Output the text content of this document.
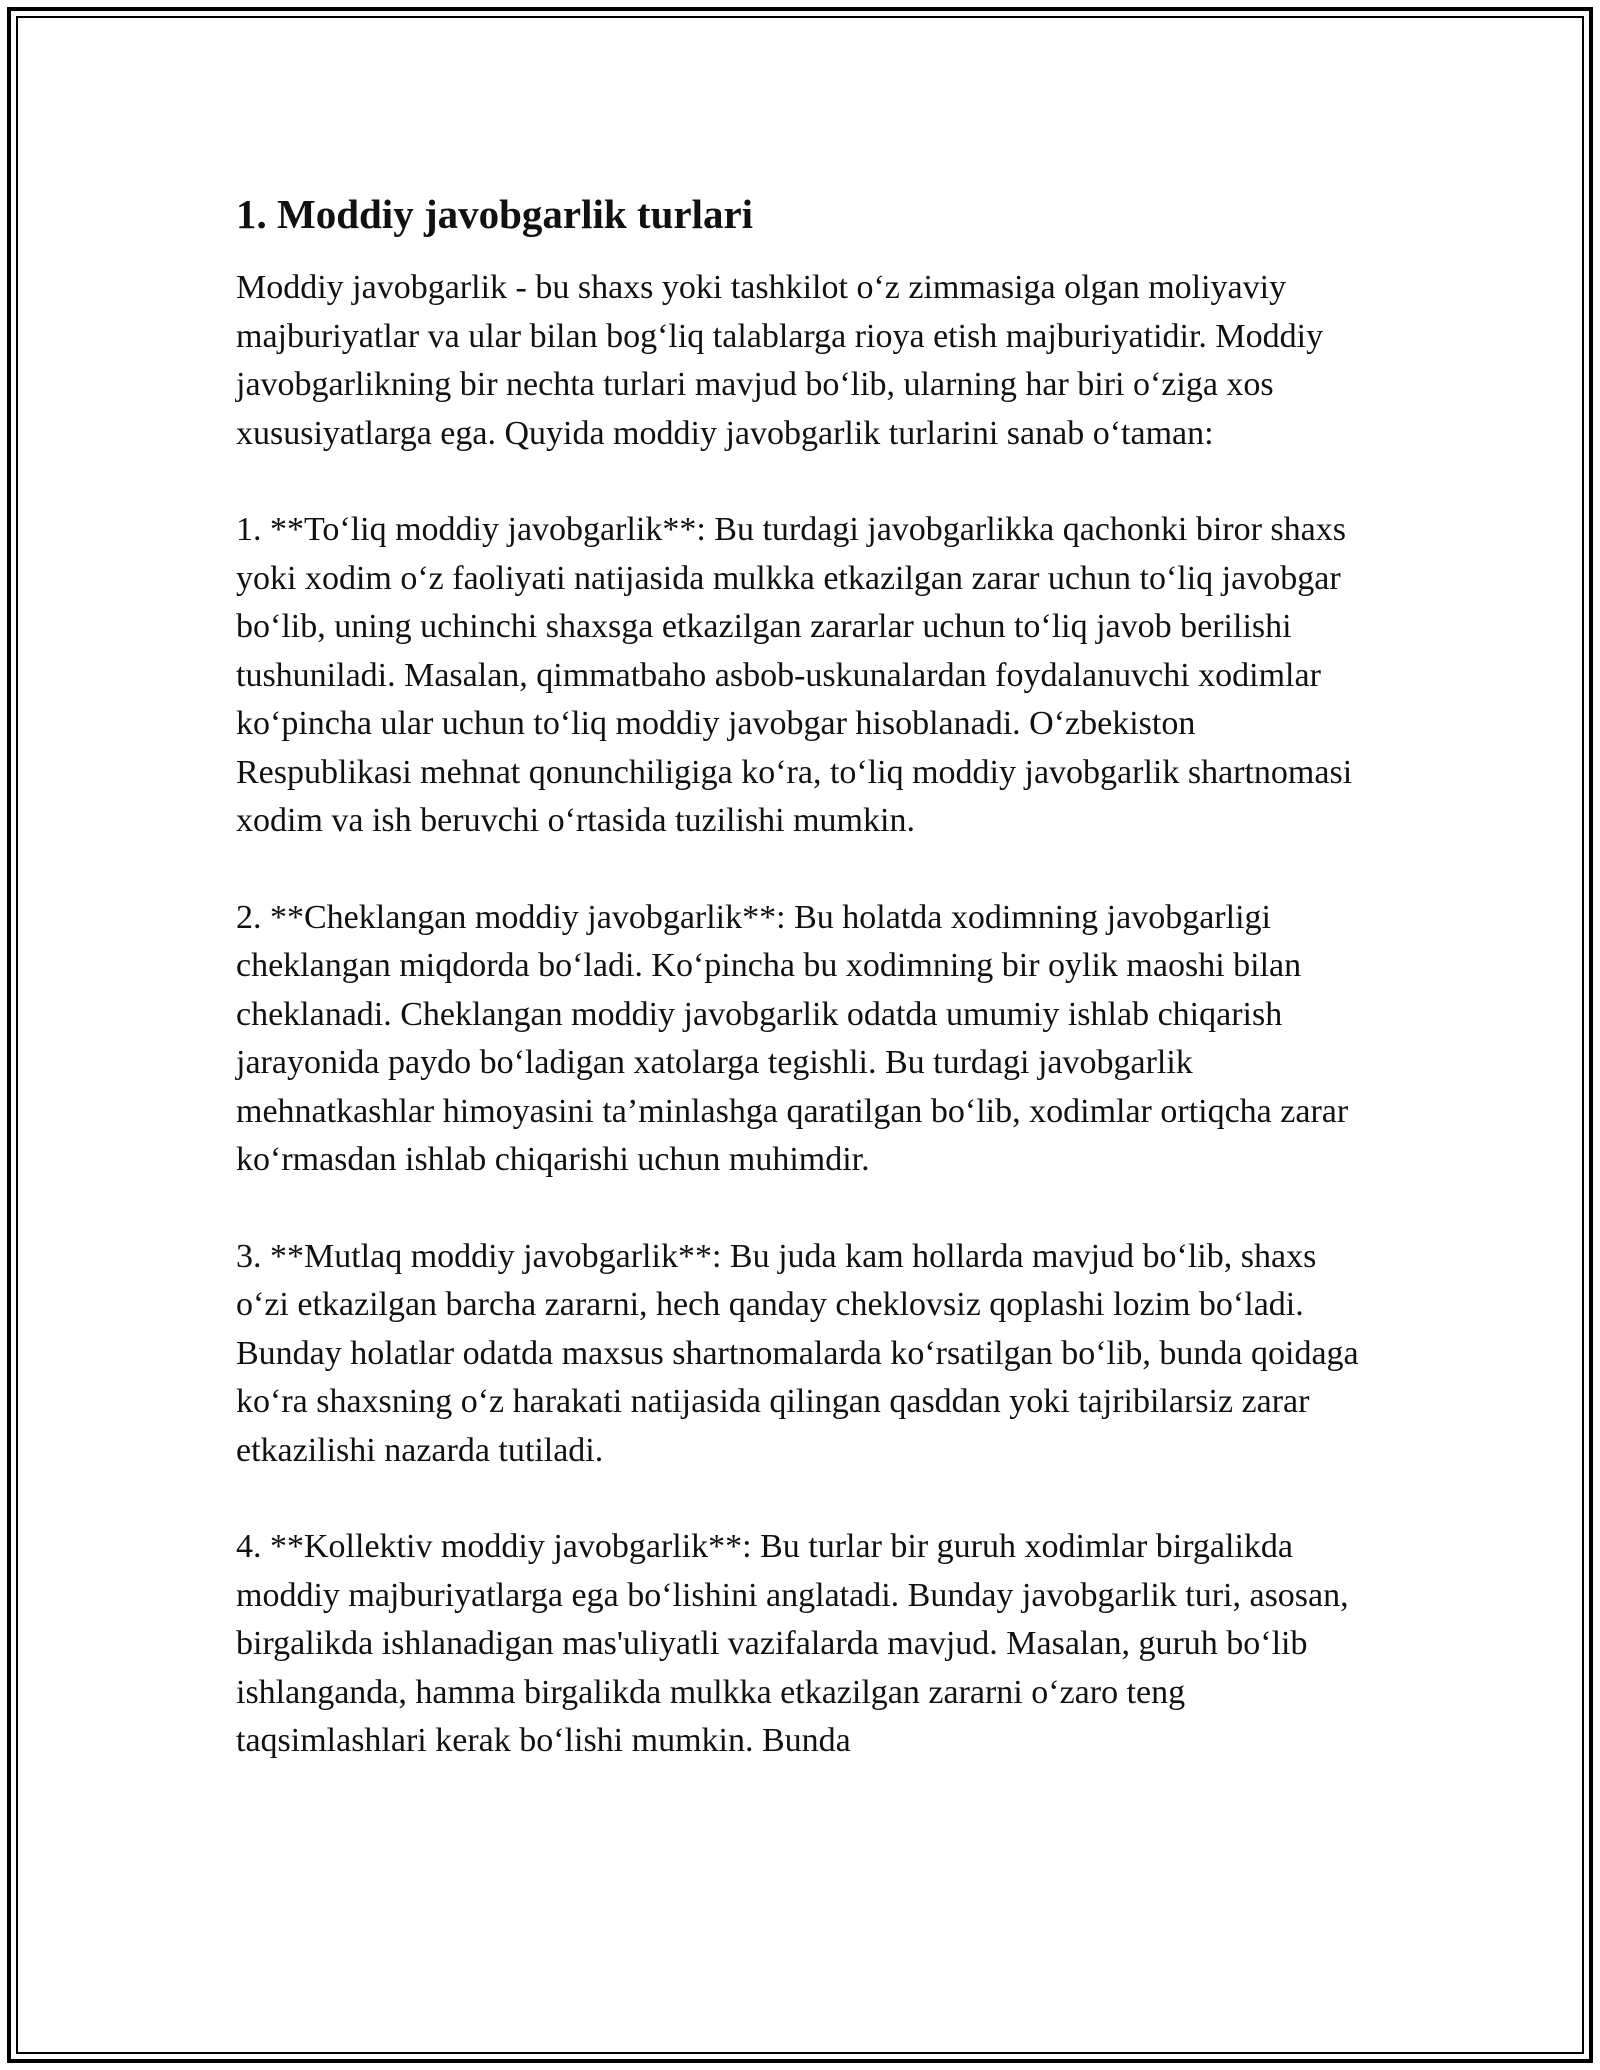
1. Moddiy javobgarlik turlari

Moddiy javobgarlik - bu shaxs yoki tashkilot o‘z zimmasiga olgan moliyaviy majburiyatlar va ular bilan bog‘liq talablarga rioya etish majburiyatidir. Moddiy javobgarlikning bir nechta turlari mavjud bo‘lib, ularning har biri o‘ziga xos xususiyatlarga ega. Quyida moddiy javobgarlik turlarini sanab o‘taman:

1. **To‘liq moddiy javobgarlik**: Bu turdagi javobgarlikka qachonki biror shaxs yoki xodim o‘z faoliyati natijasida mulkka etkazilgan zarar uchun to‘liq javobgar bo‘lib, uning uchinchi shaxsga etkazilgan zararlar uchun to‘liq javob berilishi tushuniladi. Masalan, qimmatbaho asbob-uskunalardan foydalanuvchi xodimlar ko‘pincha ular uchun to‘liq moddiy javobgar hisoblanadi. O‘zbekiston Respublikasi mehnat qonunchiligiga ko‘ra, to‘liq moddiy javobgarlik shartnomasi xodim va ish beruvchi o‘rtasida tuzilishi mumkin.

2. **Cheklangan moddiy javobgarlik**: Bu holatda xodimning javobgarligi cheklangan miqdorda bo‘ladi. Ko‘pincha bu xodimning bir oylik maoshi bilan cheklanadi. Cheklangan moddiy javobgarlik odatda umumiy ishlab chiqarish jarayonida paydo bo‘ladigan xatolarga tegishli. Bu turdagi javobgarlik mehnatkashlar himoyasini ta’minlashga qaratilgan bo‘lib, xodimlar ortiqcha zarar ko‘rmasdan ishlab chiqarishi uchun muhimdir.

3. **Mutlaq moddiy javobgarlik**: Bu juda kam hollarda mavjud bo‘lib, shaxs o‘zi etkazilgan barcha zararni, hech qanday cheklovsiz qoplashi lozim bo‘ladi. Bunday holatlar odatda maxsus shartnomalarda ko‘rsatilgan bo‘lib, bunda qoidaga ko‘ra shaxsning o‘z harakati natijasida qilingan qasddan yoki tajribilarsiz zarar etkazilishi nazarda tutiladi.

4. **Kollektiv moddiy javobgarlik**: Bu turlar bir guruh xodimlar birgalikda moddiy majburiyatlarga ega bo‘lishini anglatadi. Bunday javobgarlik turi, asosan, birgalikda ishlanadigan mas'uliyatli vazifalarda mavjud. Masalan, guruh bo‘lib ishlanganda, hamma birgalikda mulkka etkazilgan zararni o‘zaro teng taqsimlashlari kerak bo‘lishi mumkin. Bunda
